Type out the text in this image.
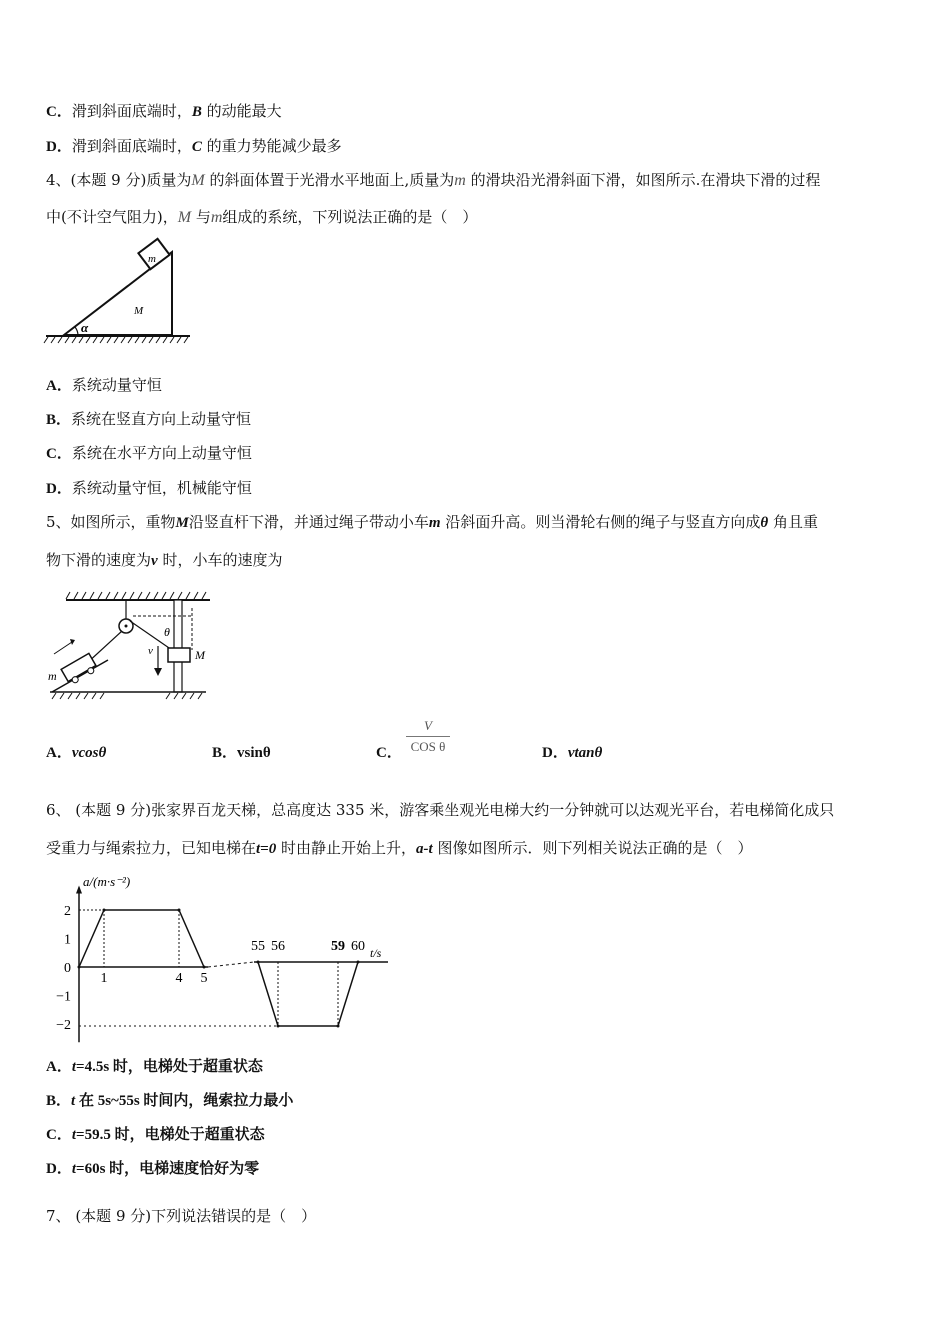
C．滑到斜面底端时，B 的动能最大
D．滑到斜面底端时，C 的重力势能减少最多
4、(本题 9 分)质量为M 的斜面体置于光滑水平地面上,质量为m 的滑块沿光滑斜面下滑，如图所示.在滑块下滑的过程
中(不计空气阻力)，M 与m组成的系统，下列说法正确的是（　）
m
M
α
A．系统动量守恒
B．系统在竖直方向上动量守恒
C．系统在水平方向上动量守恒
D．系统动量守恒，机械能守恒
5、如图所示，重物M沿竖直杆下滑，并通过绳子带动小车m 沿斜面升高。则当滑轮右侧的绳子与竖直方向成θ 角且重
物下滑的速度为v 时，小车的速度为
θ
M
v
m
A．vcosθ	B．vsinθ	C．
V
COS θ	D．vtanθ
6、 (本题 9 分)张家界百龙天梯，总高度达 335 米，游客乘坐观光电梯大约一分钟就可以达观光平台，若电梯简化成只
受重力与绳索拉力，已知电梯在t=0 时由静止开始上升，a-t 图像如图所示．则下列相关说法正确的是（　）
2
1
0
−1
−2
a/(m·s⁻²)
t/s
1	4 5
55 56	59 60
A．t=4.5s 时，电梯处于超重状态
B．t 在 5s~55s 时间内，绳索拉力最小
C．t=59.5 时，电梯处于超重状态
D．t=60s 时，电梯速度恰好为零
7、 (本题 9 分)下列说法错误的是（　）
